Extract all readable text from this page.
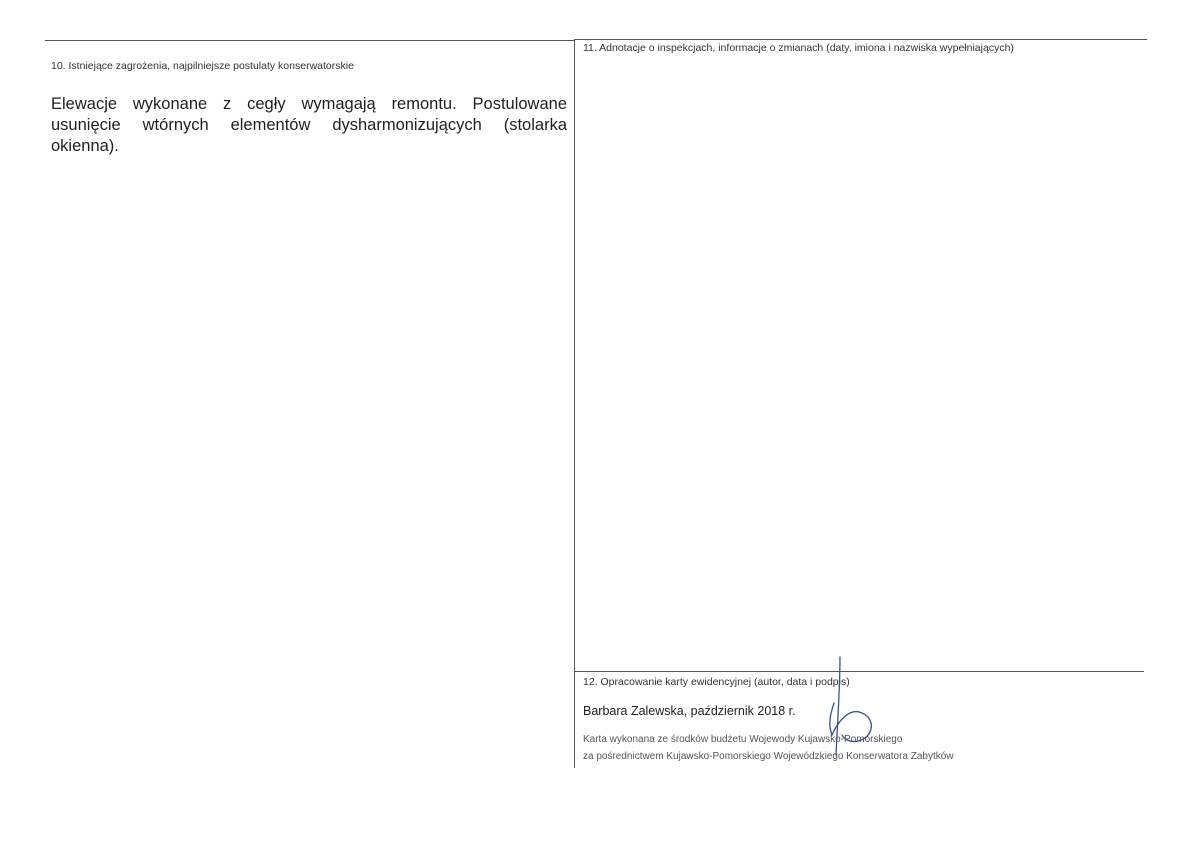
10. Istniejące zagrożenia, najpilniejsze postulaty konserwatorskie
Elewacje wykonane z cegły wymagają remontu. Postulowane usunięcie wtórnych elementów dysharmonizujących (stolarka okienna).
11. Adnotacje o inspekcjach, informacje o zmianach (daty, imiona i nazwiska wypełniających)
12. Opracowanie karty ewidencyjnej (autor, data i podpis)
Barbara Zalewska, październik 2018 r.
Karta wykonana ze środków budżetu Wojewody Kujawsko-Pomorskiego
za pośrednictwem Kujawsko-Pomorskiego Wojewódzkiego Konserwatora Zabytków
